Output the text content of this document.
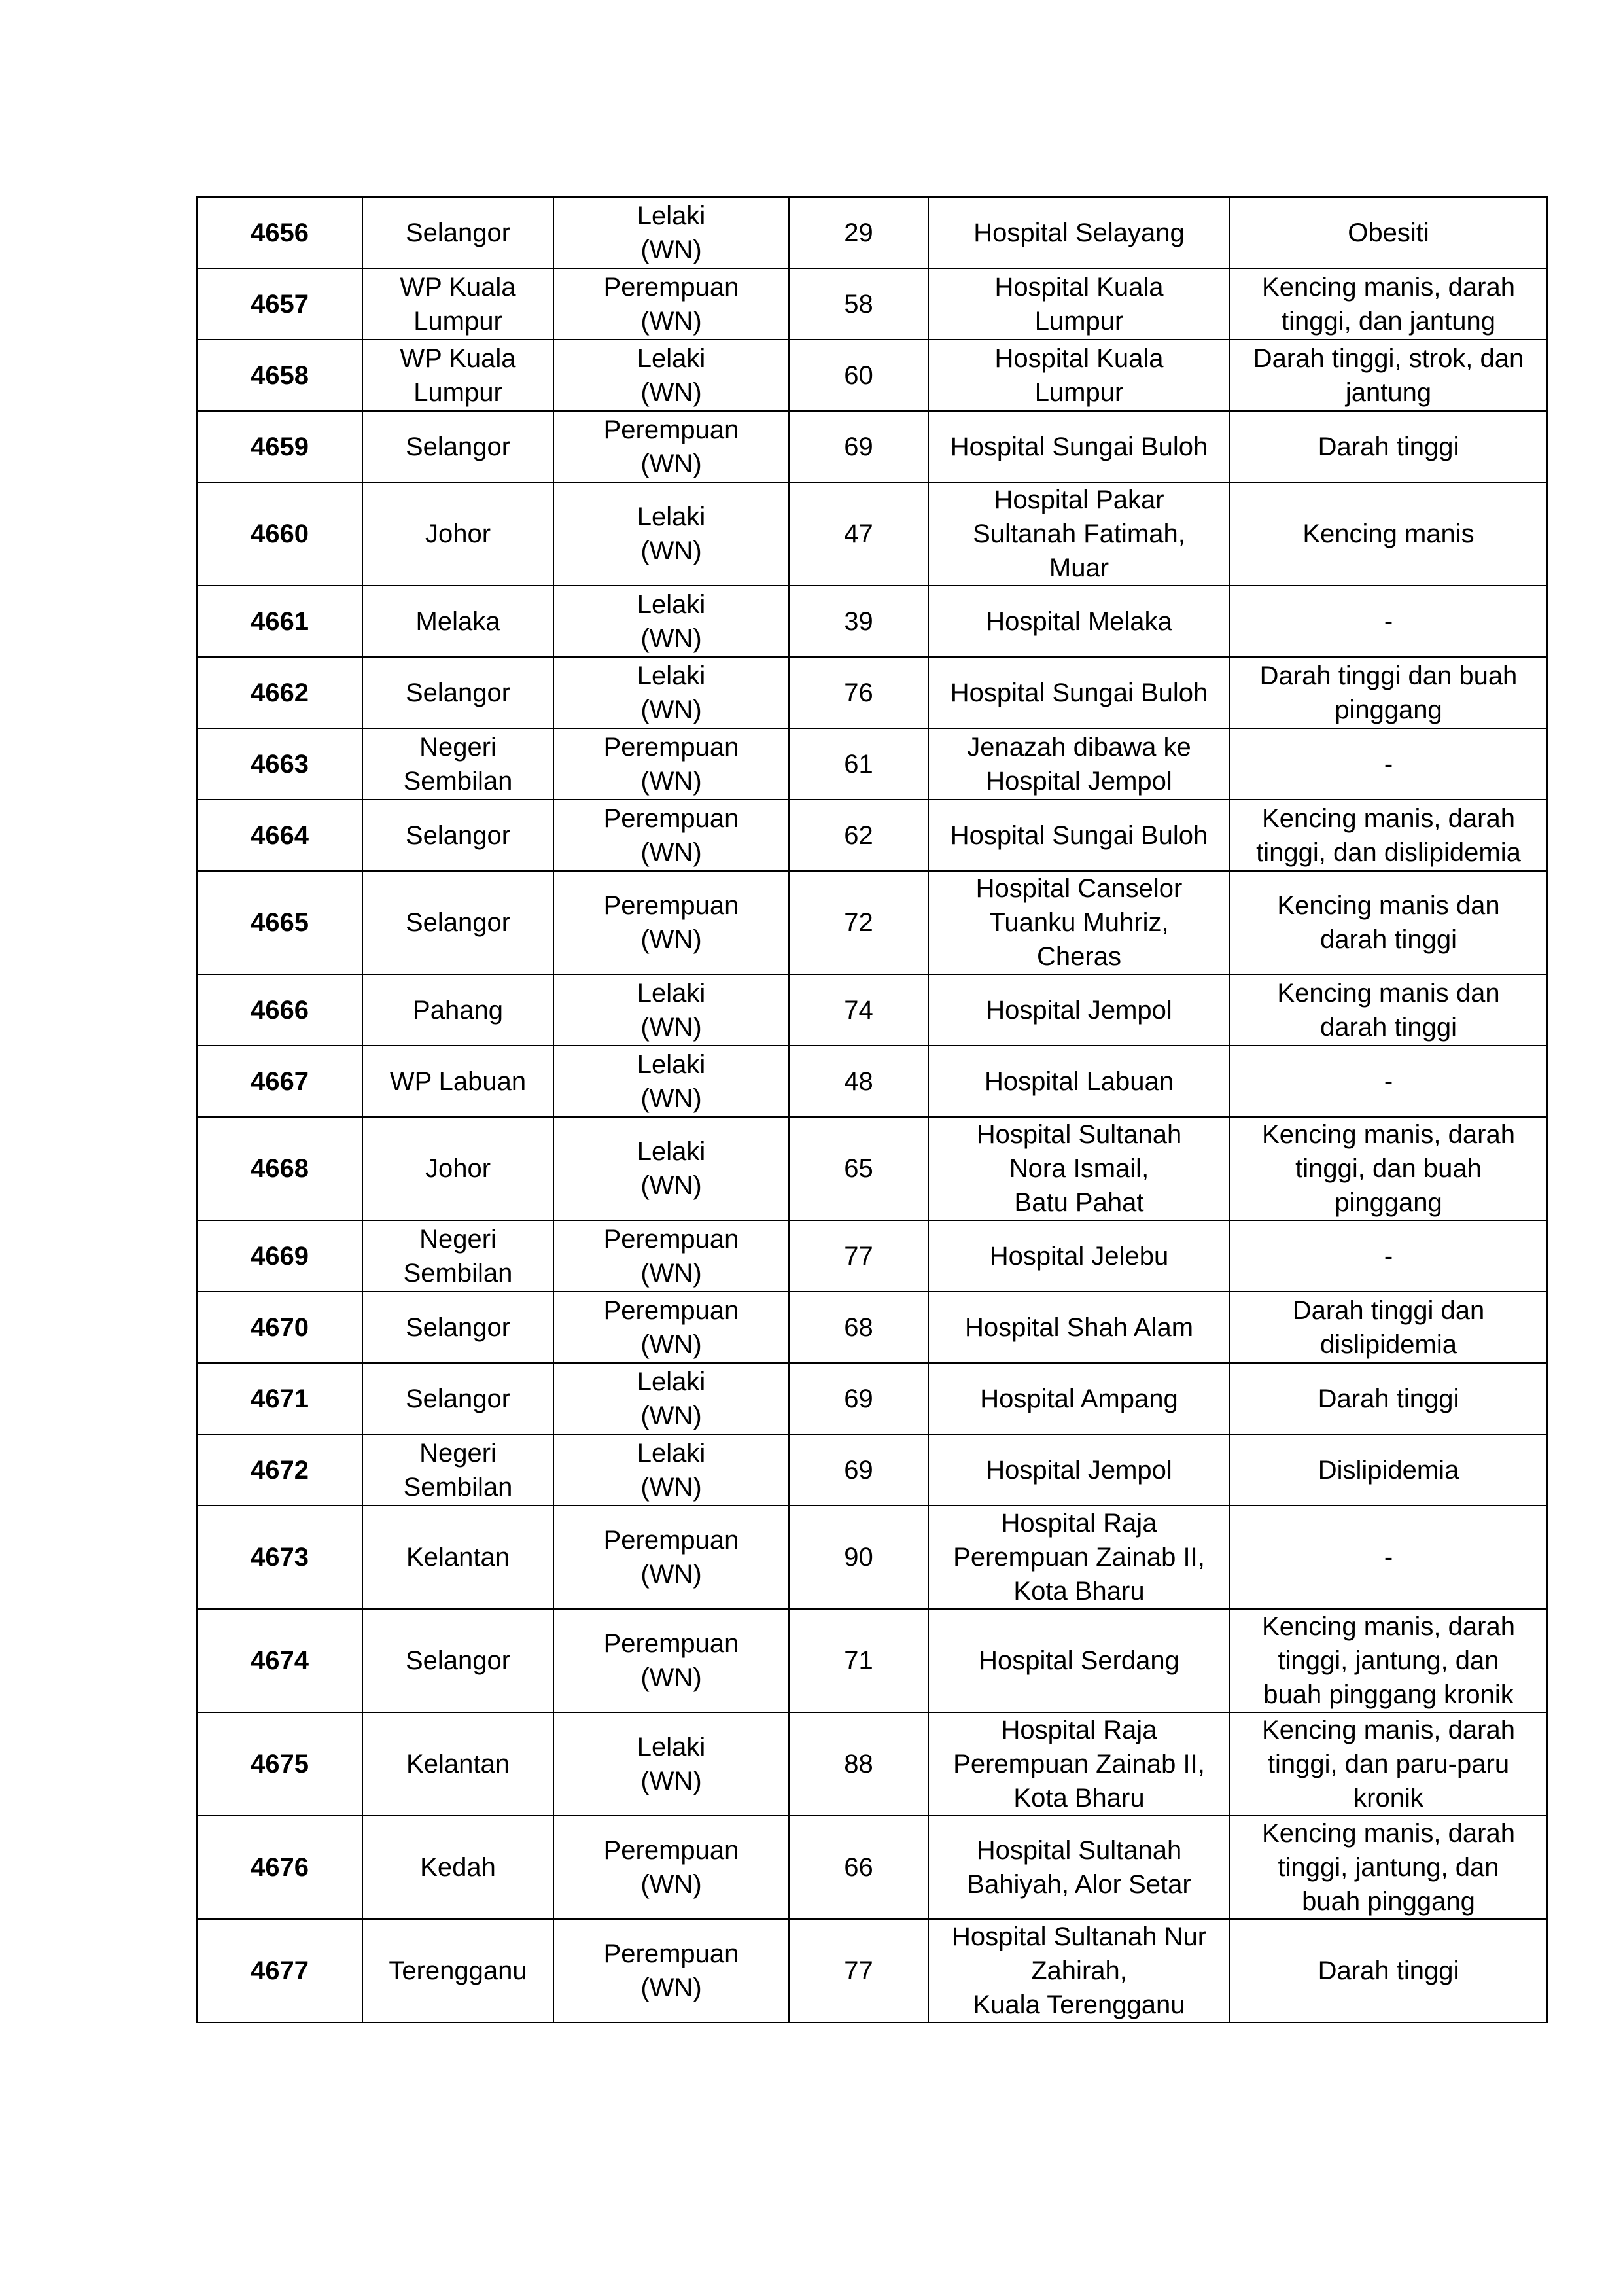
4656	Selangor	Lelaki
(WN)	29	Hospital Selayang	Obesiti
4657	WP Kuala
Lumpur	Perempuan
(WN)	58	Hospital Kuala
Lumpur	Kencing manis, darah
tinggi, dan jantung
4658	WP Kuala
Lumpur	Lelaki
(WN)	60	Hospital Kuala
Lumpur	Darah tinggi, strok, dan
jantung
4659	Selangor	Perempuan
(WN)	69	Hospital Sungai Buloh	Darah tinggi
4660	Johor	Lelaki
(WN)	47	Hospital Pakar
Sultanah Fatimah,
Muar	Kencing manis
4661	Melaka	Lelaki
(WN)	39	Hospital Melaka	-
4662	Selangor	Lelaki
(WN)	76	Hospital Sungai Buloh	Darah tinggi dan buah
pinggang
4663	Negeri
Sembilan	Perempuan
(WN)	61	Jenazah dibawa ke
Hospital Jempol	-
4664	Selangor	Perempuan
(WN)	62	Hospital Sungai Buloh	Kencing manis, darah
tinggi, dan dislipidemia
4665	Selangor	Perempuan
(WN)	72	Hospital Canselor
Tuanku Muhriz,
Cheras	Kencing manis dan
darah tinggi
4666	Pahang	Lelaki
(WN)	74	Hospital Jempol	Kencing manis dan
darah tinggi
4667	WP Labuan	Lelaki
(WN)	48	Hospital Labuan	-
4668	Johor	Lelaki
(WN)	65	Hospital Sultanah
Nora Ismail,
Batu Pahat	Kencing manis, darah
tinggi, dan buah
pinggang
4669	Negeri
Sembilan	Perempuan
(WN)	77	Hospital Jelebu	-
4670	Selangor	Perempuan
(WN)	68	Hospital Shah Alam	Darah tinggi dan
dislipidemia
4671	Selangor	Lelaki
(WN)	69	Hospital Ampang	Darah tinggi
4672	Negeri
Sembilan	Lelaki
(WN)	69	Hospital Jempol	Dislipidemia
4673	Kelantan	Perempuan
(WN)	90	Hospital Raja
Perempuan Zainab II,
Kota Bharu	-
4674	Selangor	Perempuan
(WN)	71	Hospital Serdang	Kencing manis, darah
tinggi, jantung, dan
buah pinggang kronik
4675	Kelantan	Lelaki
(WN)	88	Hospital Raja
Perempuan Zainab II,
Kota Bharu	Kencing manis, darah
tinggi, dan paru-paru
kronik
4676	Kedah	Perempuan
(WN)	66	Hospital Sultanah
Bahiyah, Alor Setar	Kencing manis, darah
tinggi, jantung, dan
buah pinggang
4677	Terengganu	Perempuan
(WN)	77	Hospital Sultanah Nur
Zahirah,
Kuala Terengganu	Darah tinggi
